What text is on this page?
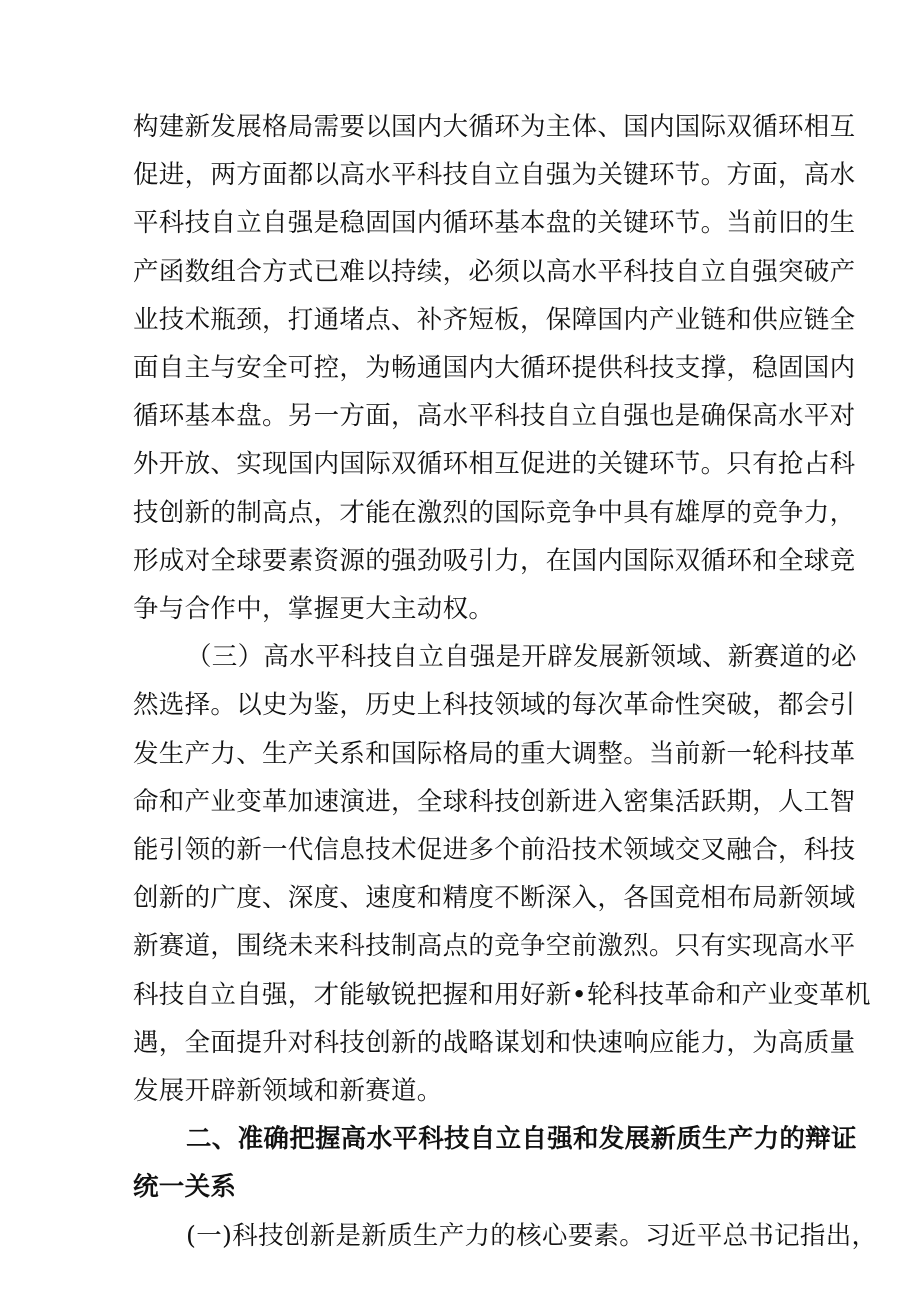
构建新发展格局需要以国内大循环为主体、国内国际双循环相互
促进，两方面都以高水平科技自立自强为关键环节。方面，高水
平科技自立自强是稳固国内循环基本盘的关键环节。当前旧的生
产函数组合方式已难以持续，必须以高水平科技自立自强突破产
业技术瓶颈，打通堵点、补齐短板，保障国内产业链和供应链全
面自主与安全可控，为畅通国内大循环提供科技支撑，稳固国内
循环基本盘。另一方面，高水平科技自立自强也是确保高水平对
外开放、实现国内国际双循环相互促进的关键环节。只有抢占科
技创新的制高点，才能在激烈的国际竞争中具有雄厚的竞争力，
形成对全球要素资源的强劲吸引力，在国内国际双循环和全球竞
争与合作中，掌握更大主动权。
（三）高水平科技自立自强是开辟发展新领域、新赛道的必
然选择。以史为鉴，历史上科技领域的每次革命性突破，都会引
发生产力、生产关系和国际格局的重大调整。当前新一轮科技革
命和产业变革加速演进，全球科技创新进入密集活跃期，人工智
能引领的新一代信息技术促进多个前沿技术领域交叉融合，科技
创新的广度、深度、速度和精度不断深入，各国竞相布局新领域
新赛道，围绕未来科技制高点的竞争空前激烈。只有实现高水平
科技自立自强，才能敏锐把握和用好新•轮科技革命和产业变革机
遇，全面提升对科技创新的战略谋划和快速响应能力，为高质量
发展开辟新领域和新赛道。
二、准确把握高水平科技自立自强和发展新质生产力的辩证
统一关系
(一)科技创新是新质生产力的核心要素。习近平总书记指出，
